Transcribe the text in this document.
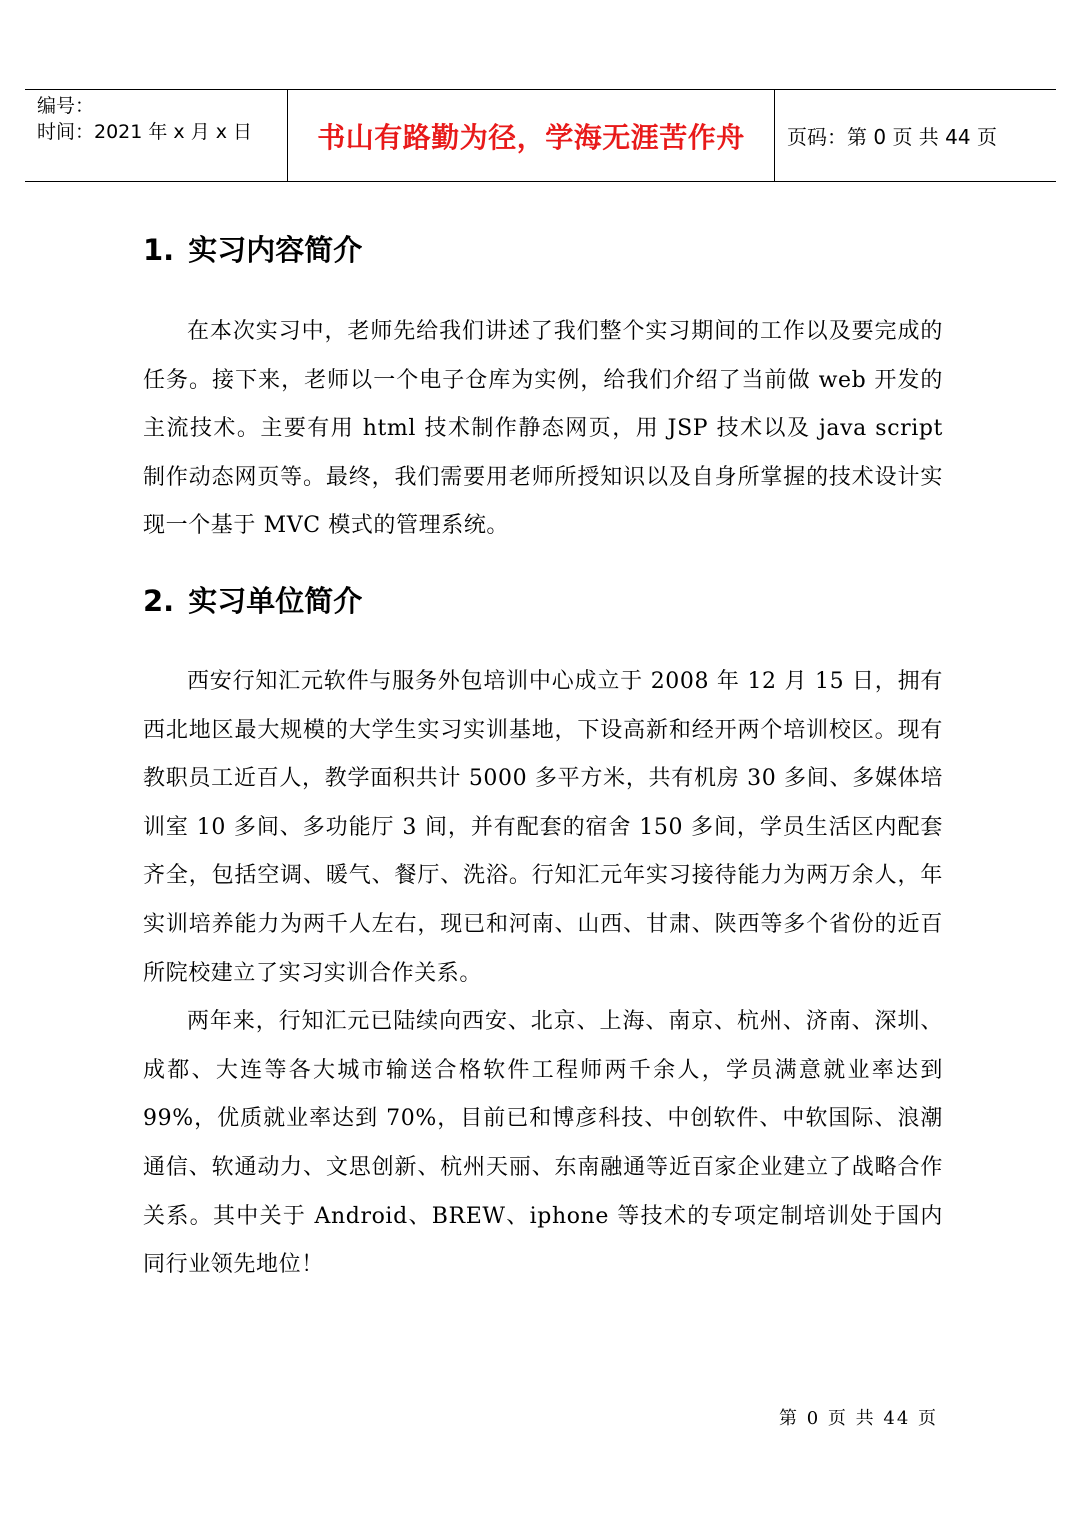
编号：
时间：2021 年 x 月 x 日 书山有路勤为径，学海无涯苦作舟 页码：第 0 页 共 44 页
1. 实习内容简介

在本次实习中，老师先给我们讲述了我们整个实习期间的工作以及要完成的任务。接下来，老师以一个电子仓库为实例，给我们介绍了当前做 web 开发的主流技术。主要有用 html 技术制作静态网页，用 JSP 技术以及 java script 制作动态网页等。最终，我们需要用老师所授知识以及自身所掌握的技术设计实现一个基于 MVC 模式的管理系统。

2. 实习单位简介

西安行知汇元软件与服务外包培训中心成立于 2008 年 12 月 15 日，拥有西北地区最大规模的大学生实习实训基地，下设高新和经开两个培训校区。现有教职员工近百人，教学面积共计 5000 多平方米，共有机房 30 多间、多媒体培训室 10 多间、多功能厅 3 间，并有配套的宿舍 150 多间，学员生活区内配套齐全，包括空调、暖气、餐厅、洗浴。行知汇元年实习接待能力为两万余人，年实训培养能力为两千人左右，现已和河南、山西、甘肃、陕西等多个省份的近百所院校建立了实习实训合作关系。

两年来，行知汇元已陆续向西安、北京、上海、南京、杭州、济南、深圳、成都、大连等各大城市输送合格软件工程师两千余人，学员满意就业率达到 99%，优质就业率达到 70%，目前已和博彦科技、中创软件、中软国际、浪潮通信、软通动力、文思创新、杭州天丽、东南融通等近百家企业建立了战略合作关系。其中关于 Android、BREW、iphone 等技术的专项定制培训处于国内同行业领先地位！

第 0 页 共 44 页
